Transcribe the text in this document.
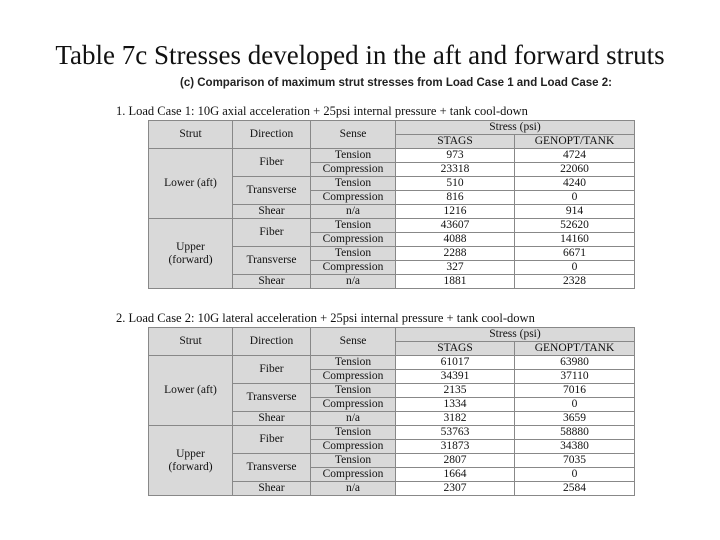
Table 7c Stresses developed in the aft and forward struts
(c) Comparison of maximum strut stresses from Load Case 1 and Load Case 2:
1. Load Case 1: 10G axial acceleration + 25psi internal pressure + tank cool-down
Strut	Direction	Sense	Stress (psi)	
			STAGS	GENOPT/TANK
Lower (aft)	Fiber	Tension	973	4724
		Compression	23318	22060
	Transverse	Tension	510	4240
		Compression	816	0
	Shear	n/a	1216	914
Upper
(forward)	Fiber	Tension	43607	52620
		Compression	4088	14160
	Transverse	Tension	2288	6671
		Compression	327	0
	Shear	n/a	1881	2328
2. Load Case 2: 10G lateral acceleration + 25psi internal pressure + tank cool-down
Strut	Direction	Sense	Stress (psi)	
			STAGS	GENOPT/TANK
Lower (aft)	Fiber	Tension	61017	63980
		Compression	34391	37110
	Transverse	Tension	2135	7016
		Compression	1334	0
	Shear	n/a	3182	3659
Upper
(forward)	Fiber	Tension	53763	58880
		Compression	31873	34380
	Transverse	Tension	2807	7035
		Compression	1664	0
	Shear	n/a	2307	2584
